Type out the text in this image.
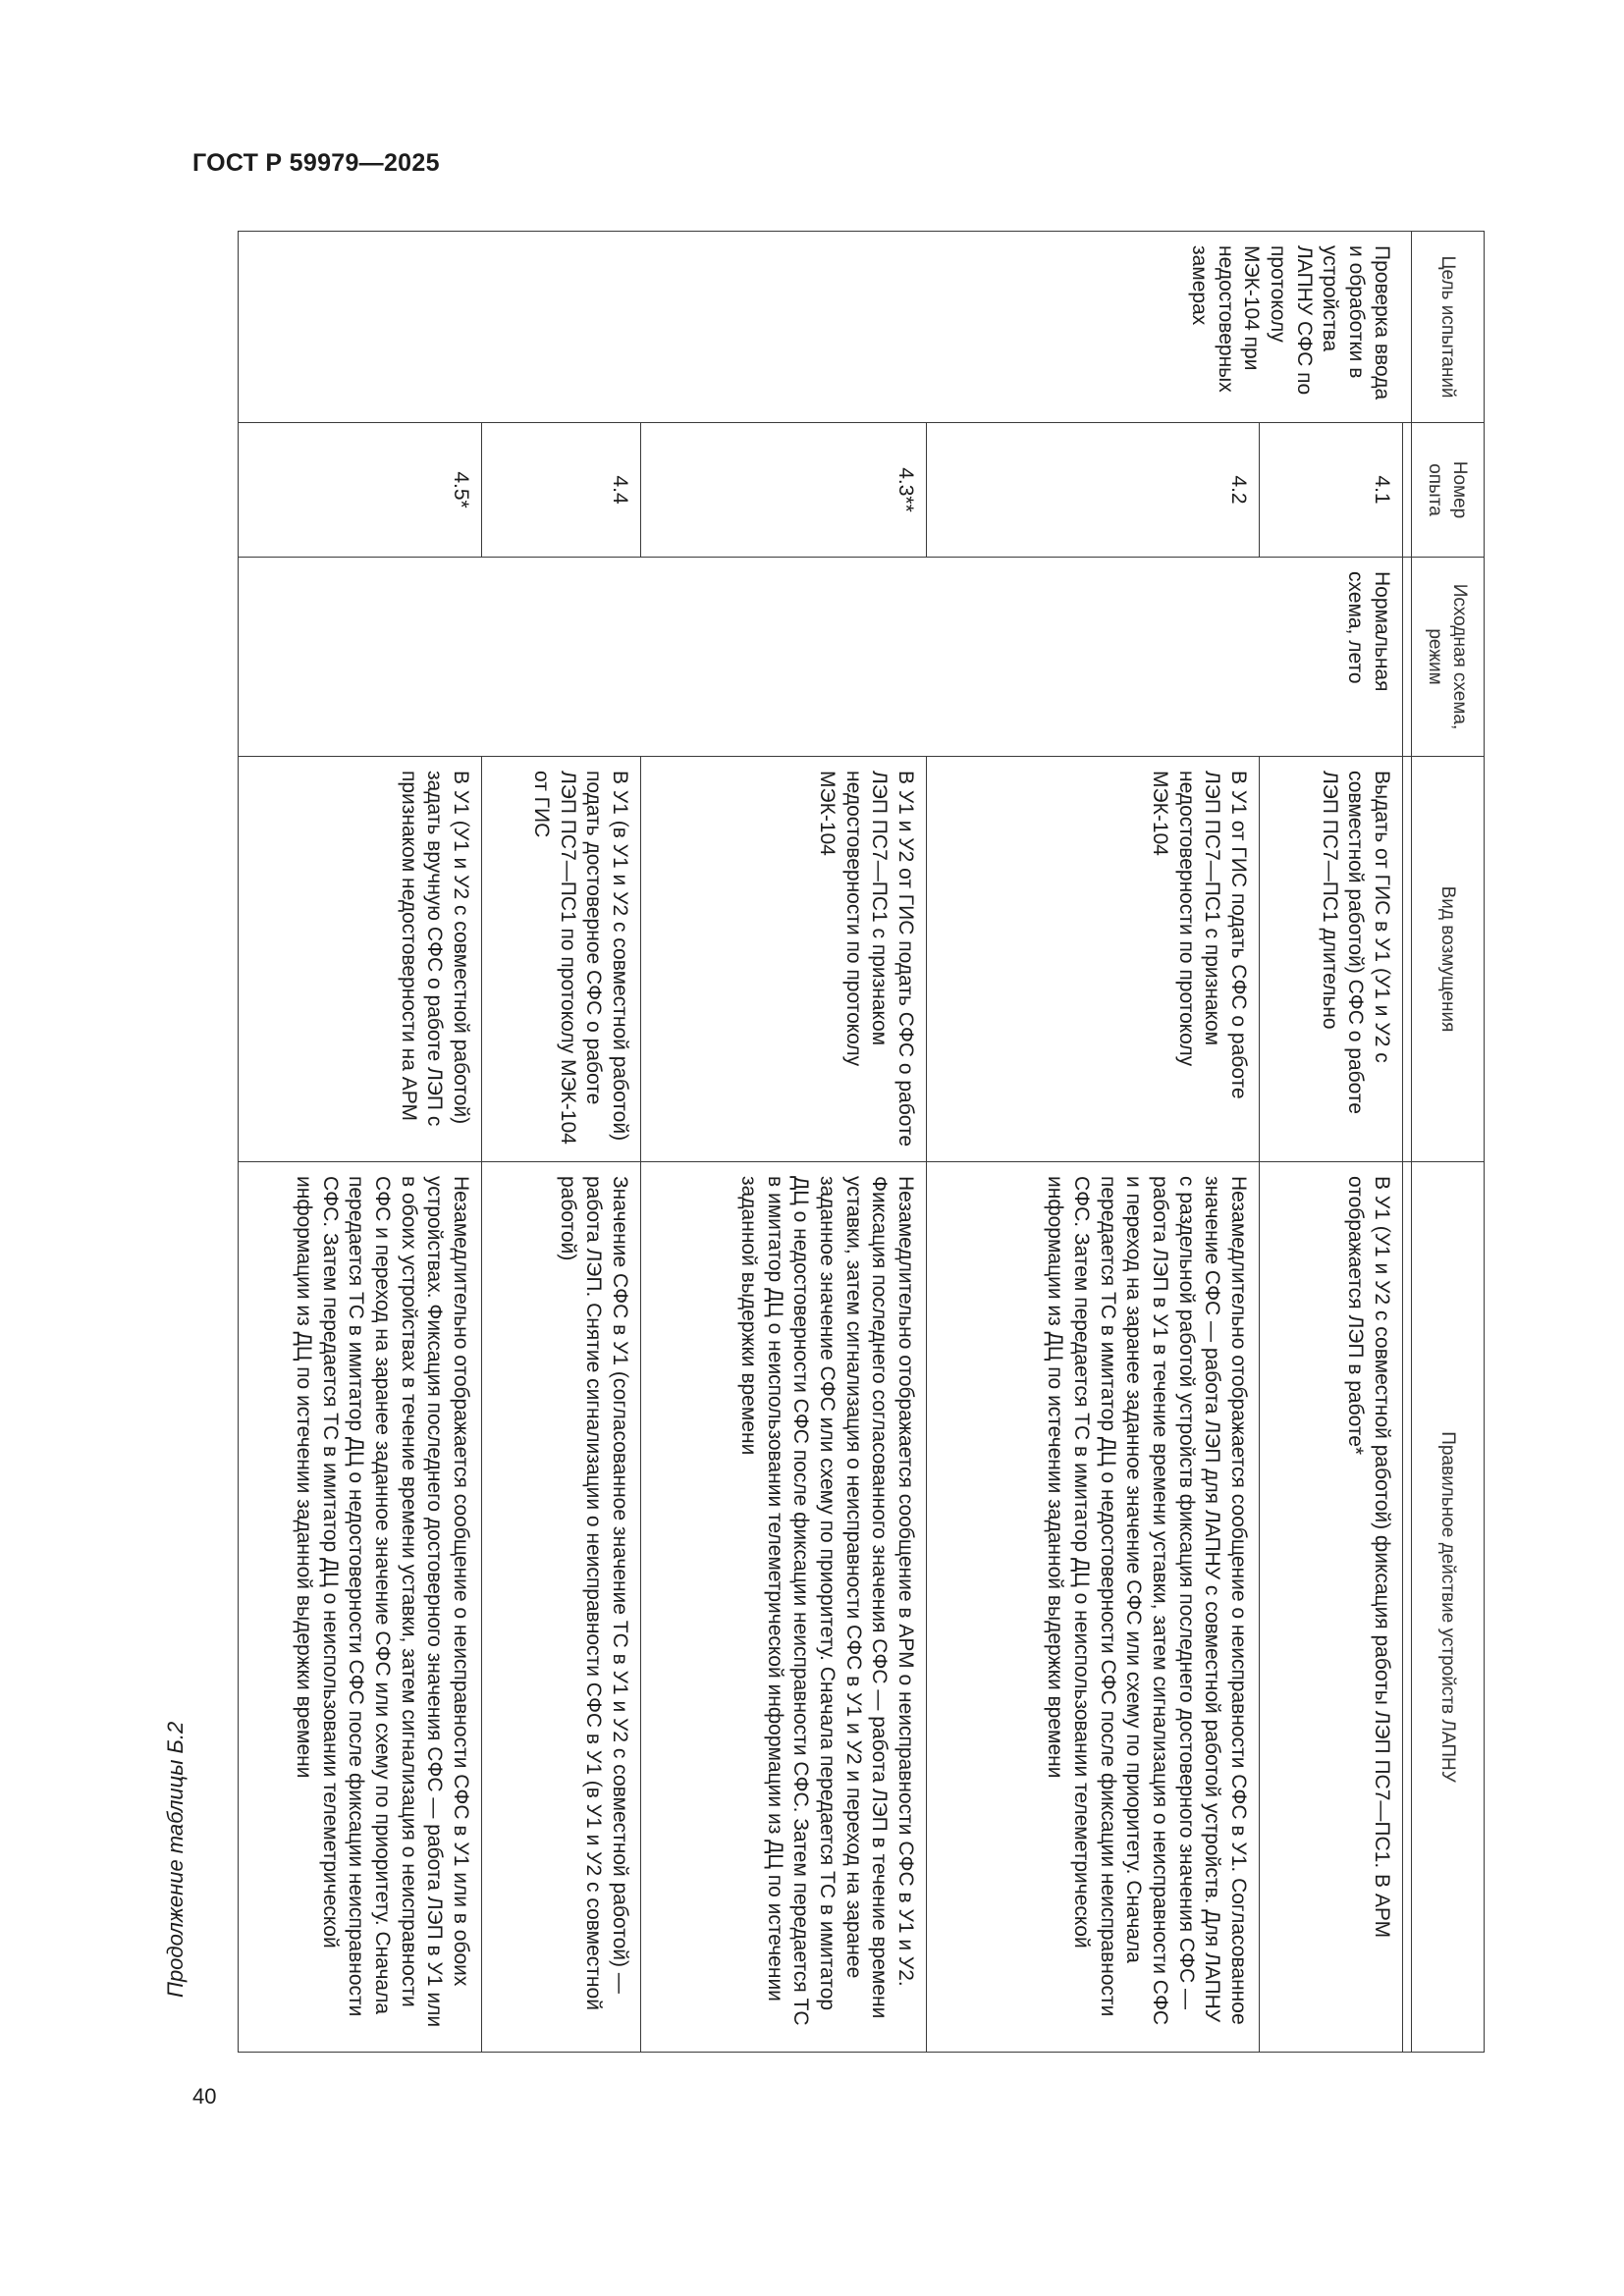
ГОСТ Р 59979—2025
Продолжение таблицы Б.2
40
Цель испытаний	Номер опыта	Исходная схема, режим	Вид возмущения	Правильное действие устройств ЛАПНУ

Проверка ввода и обработки в устройства ЛАПНУ СФС по протоколу МЭК-104 при недостоверных замерах	4.1	Нормальная схема, лето	Выдать от ГИС в У1 (У1 и У2 с совместной работой) СФС о работе ЛЭП ПС7—ПС1 длительно	В У1 (У1 и У2 с совместной работой) фиксация работы ЛЭП ПС7—ПС1. В АРМ отображается ЛЭП в работе*
	4.2		В У1 от ГИС подать СФС о работе ЛЭП ПС7—ПС1 с признаком недостоверности по протоколу МЭК-104	Незамедлительно отображается сообщение о неисправности СФС в У1. Согласованное значение СФС — работа ЛЭП для ЛАПНУ с совместной работой устройств. Для ЛАПНУ с раздельной работой устройств фиксация последнего достоверного значения СФС — работа ЛЭП в У1 в течение времени уставки, затем сигнализация о неисправности СФС и переход на заранее заданное значение СФС или схему по приоритету. Сначала передается ТС в имитатор ДЦ о недостоверности СФС после фиксации неисправности СФС. Затем передается ТС в имитатор ДЦ о неиспользовании телеметрической информации из ДЦ по истечении заданной выдержки времени
	4.3**		В У1 и У2 от ГИС подать СФС о работе ЛЭП ПС7—ПС1 с признаком недостоверности по протоколу МЭК-104	Незамедлительно отображается сообщение в АРМ о неисправности СФС в У1 и У2. Фиксация последнего согласованного значения СФС — работа ЛЭП в течение времени уставки, затем сигнализация о неисправности СФС в У1 и У2 и переход на заранее заданное значение СФС или схему по приоритету. Сначала передается ТС в имитатор ДЦ о недостоверности СФС после фиксации неисправности СФС. Затем передается ТС в имитатор ДЦ о неиспользовании телеметрической информации из ДЦ по истечении заданной выдержки времени
	4.4		В У1 (в У1 и У2 с совместной работой) подать достоверное СФС о работе ЛЭП ПС7—ПС1 по протоколу МЭК-104 от ГИС	Значение СФС в У1 (согласованное значение ТС в У1 и У2 с совместной работой) — работа ЛЭП. Снятие сигнализации о неисправности СФС в У1 (в У1 и У2 с совместной работой)
	4.5*		В У1 (У1 и У2 с совместной работой) задать вручную СФС о работе ЛЭП с признаком недостоверности на АРМ	Незамедлительно отображается сообщение о неисправности СФС в У1 или в обоих устройствах. Фиксация последнего достоверного значения СФС — работа ЛЭП в У1 или в обоих устройствах в течение времени уставки, затем сигнализация о неисправности СФС и переход на заранее заданное значение СФС или схему по приоритету. Сначала передается ТС в имитатор ДЦ о недостоверности СФС после фиксации неисправности СФС. Затем передается ТС в имитатор ДЦ о неиспользовании телеметрической информации из ДЦ по истечении заданной выдержки времени
